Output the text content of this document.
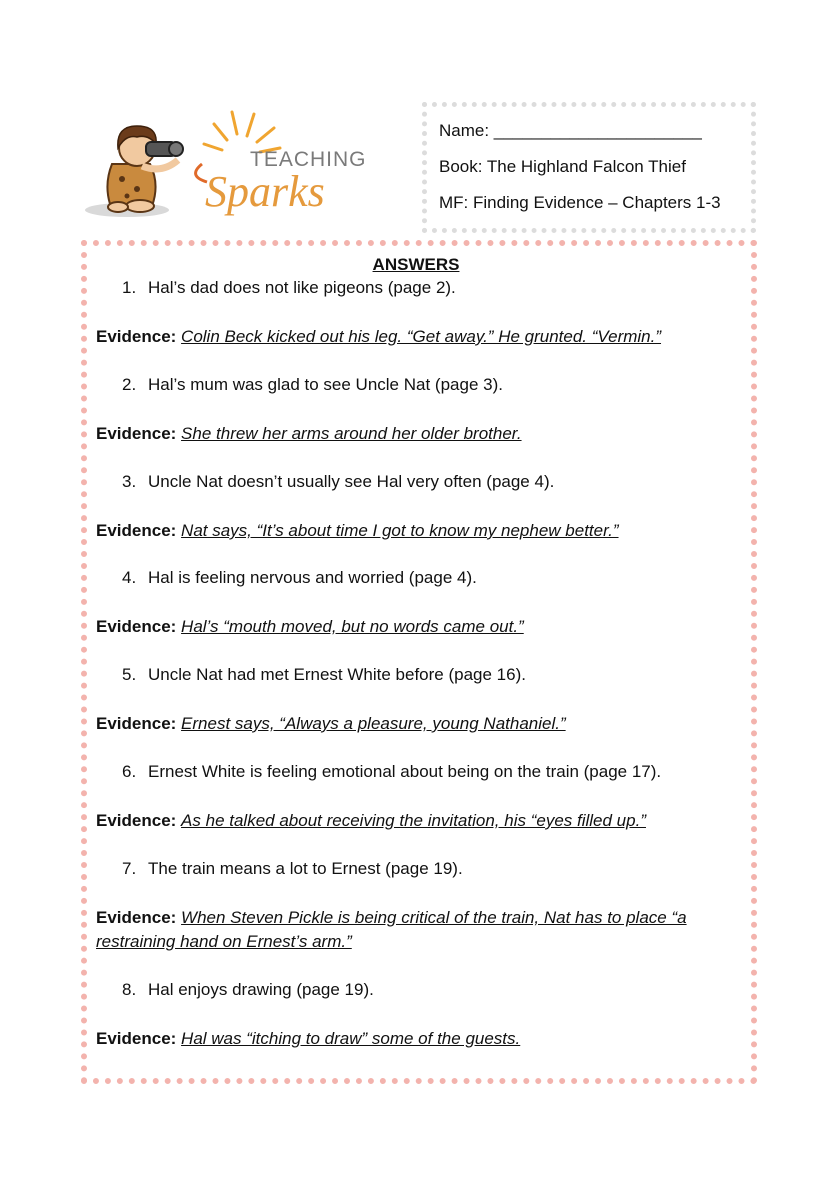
TEACHING
Sparks
Name: ______________________
Book: The Highland Falcon Thief
MF: Finding Evidence – Chapters 1-3
ANSWERS
1. Hal’s dad does not like pigeons (page 2).
Evidence: Colin Beck kicked out his leg. “Get away.” He grunted. “Vermin.”
2. Hal’s mum was glad to see Uncle Nat (page 3).
Evidence: She threw her arms around her older brother.
3. Uncle Nat doesn’t usually see Hal very often (page 4).
Evidence: Nat says, “It’s about time I got to know my nephew better.”
4. Hal is feeling nervous and worried (page 4).
Evidence: Hal’s “mouth moved, but no words came out.”
5. Uncle Nat had met Ernest White before (page 16).
Evidence: Ernest says, “Always a pleasure, young Nathaniel.”
6. Ernest White is feeling emotional about being on the train (page 17).
Evidence: As he talked about receiving the invitation, his “eyes filled up.”
7. The train means a lot to Ernest (page 19).
Evidence: When Steven Pickle is being critical of the train, Nat has to place “a restraining hand on Ernest’s arm.”
8. Hal enjoys drawing (page 19).
Evidence: Hal was “itching to draw” some of the guests.
